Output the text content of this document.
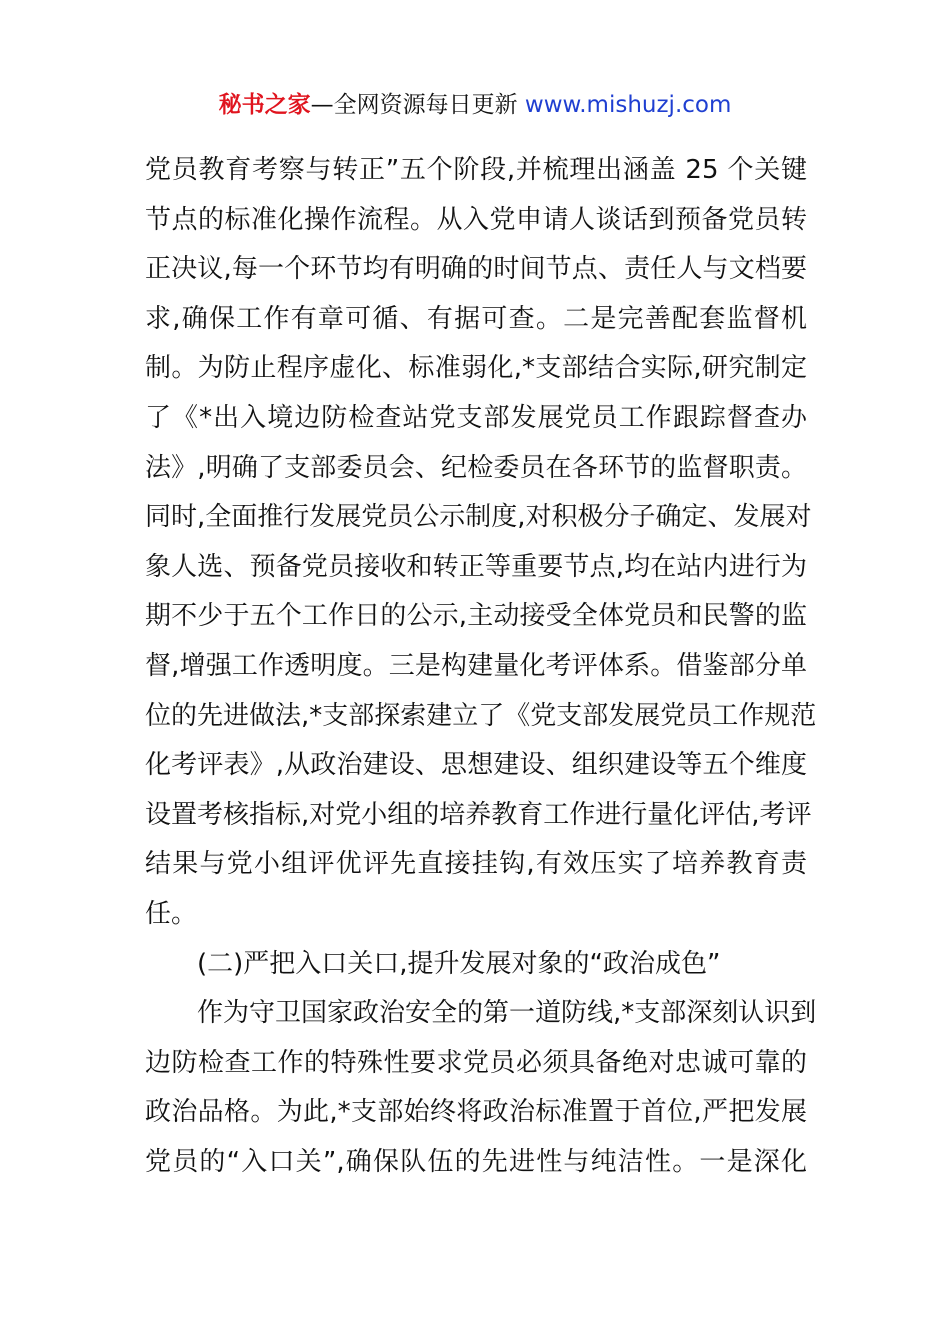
秘书之家—全网资源每日更新 www.mishuzj.com
党员教育考察与转正”五个阶段,并梳理出涵盖 25 个关键
节点的标准化操作流程。从入党申请人谈话到预备党员转
正决议,每一个环节均有明确的时间节点、责任人与文档要
求,确保工作有章可循、有据可查。二是完善配套监督机
制。为防止程序虚化、标准弱化,*支部结合实际,研究制定
了《*出入境边防检查站党支部发展党员工作跟踪督查办
法》,明确了支部委员会、纪检委员在各环节的监督职责。
同时,全面推行发展党员公示制度,对积极分子确定、发展对
象人选、预备党员接收和转正等重要节点,均在站内进行为
期不少于五个工作日的公示,主动接受全体党员和民警的监
督,增强工作透明度。三是构建量化考评体系。借鉴部分单
位的先进做法,*支部探索建立了《党支部发展党员工作规范
化考评表》,从政治建设、思想建设、组织建设等五个维度
设置考核指标,对党小组的培养教育工作进行量化评估,考评
结果与党小组评优评先直接挂钩,有效压实了培养教育责
任。
(二)严把入口关口,提升发展对象的“政治成色”
作为守卫国家政治安全的第一道防线,*支部深刻认识到
边防检查工作的特殊性要求党员必须具备绝对忠诚可靠的
政治品格。为此,*支部始终将政治标准置于首位,严把发展
党员的“入口关”,确保队伍的先进性与纯洁性。一是深化
